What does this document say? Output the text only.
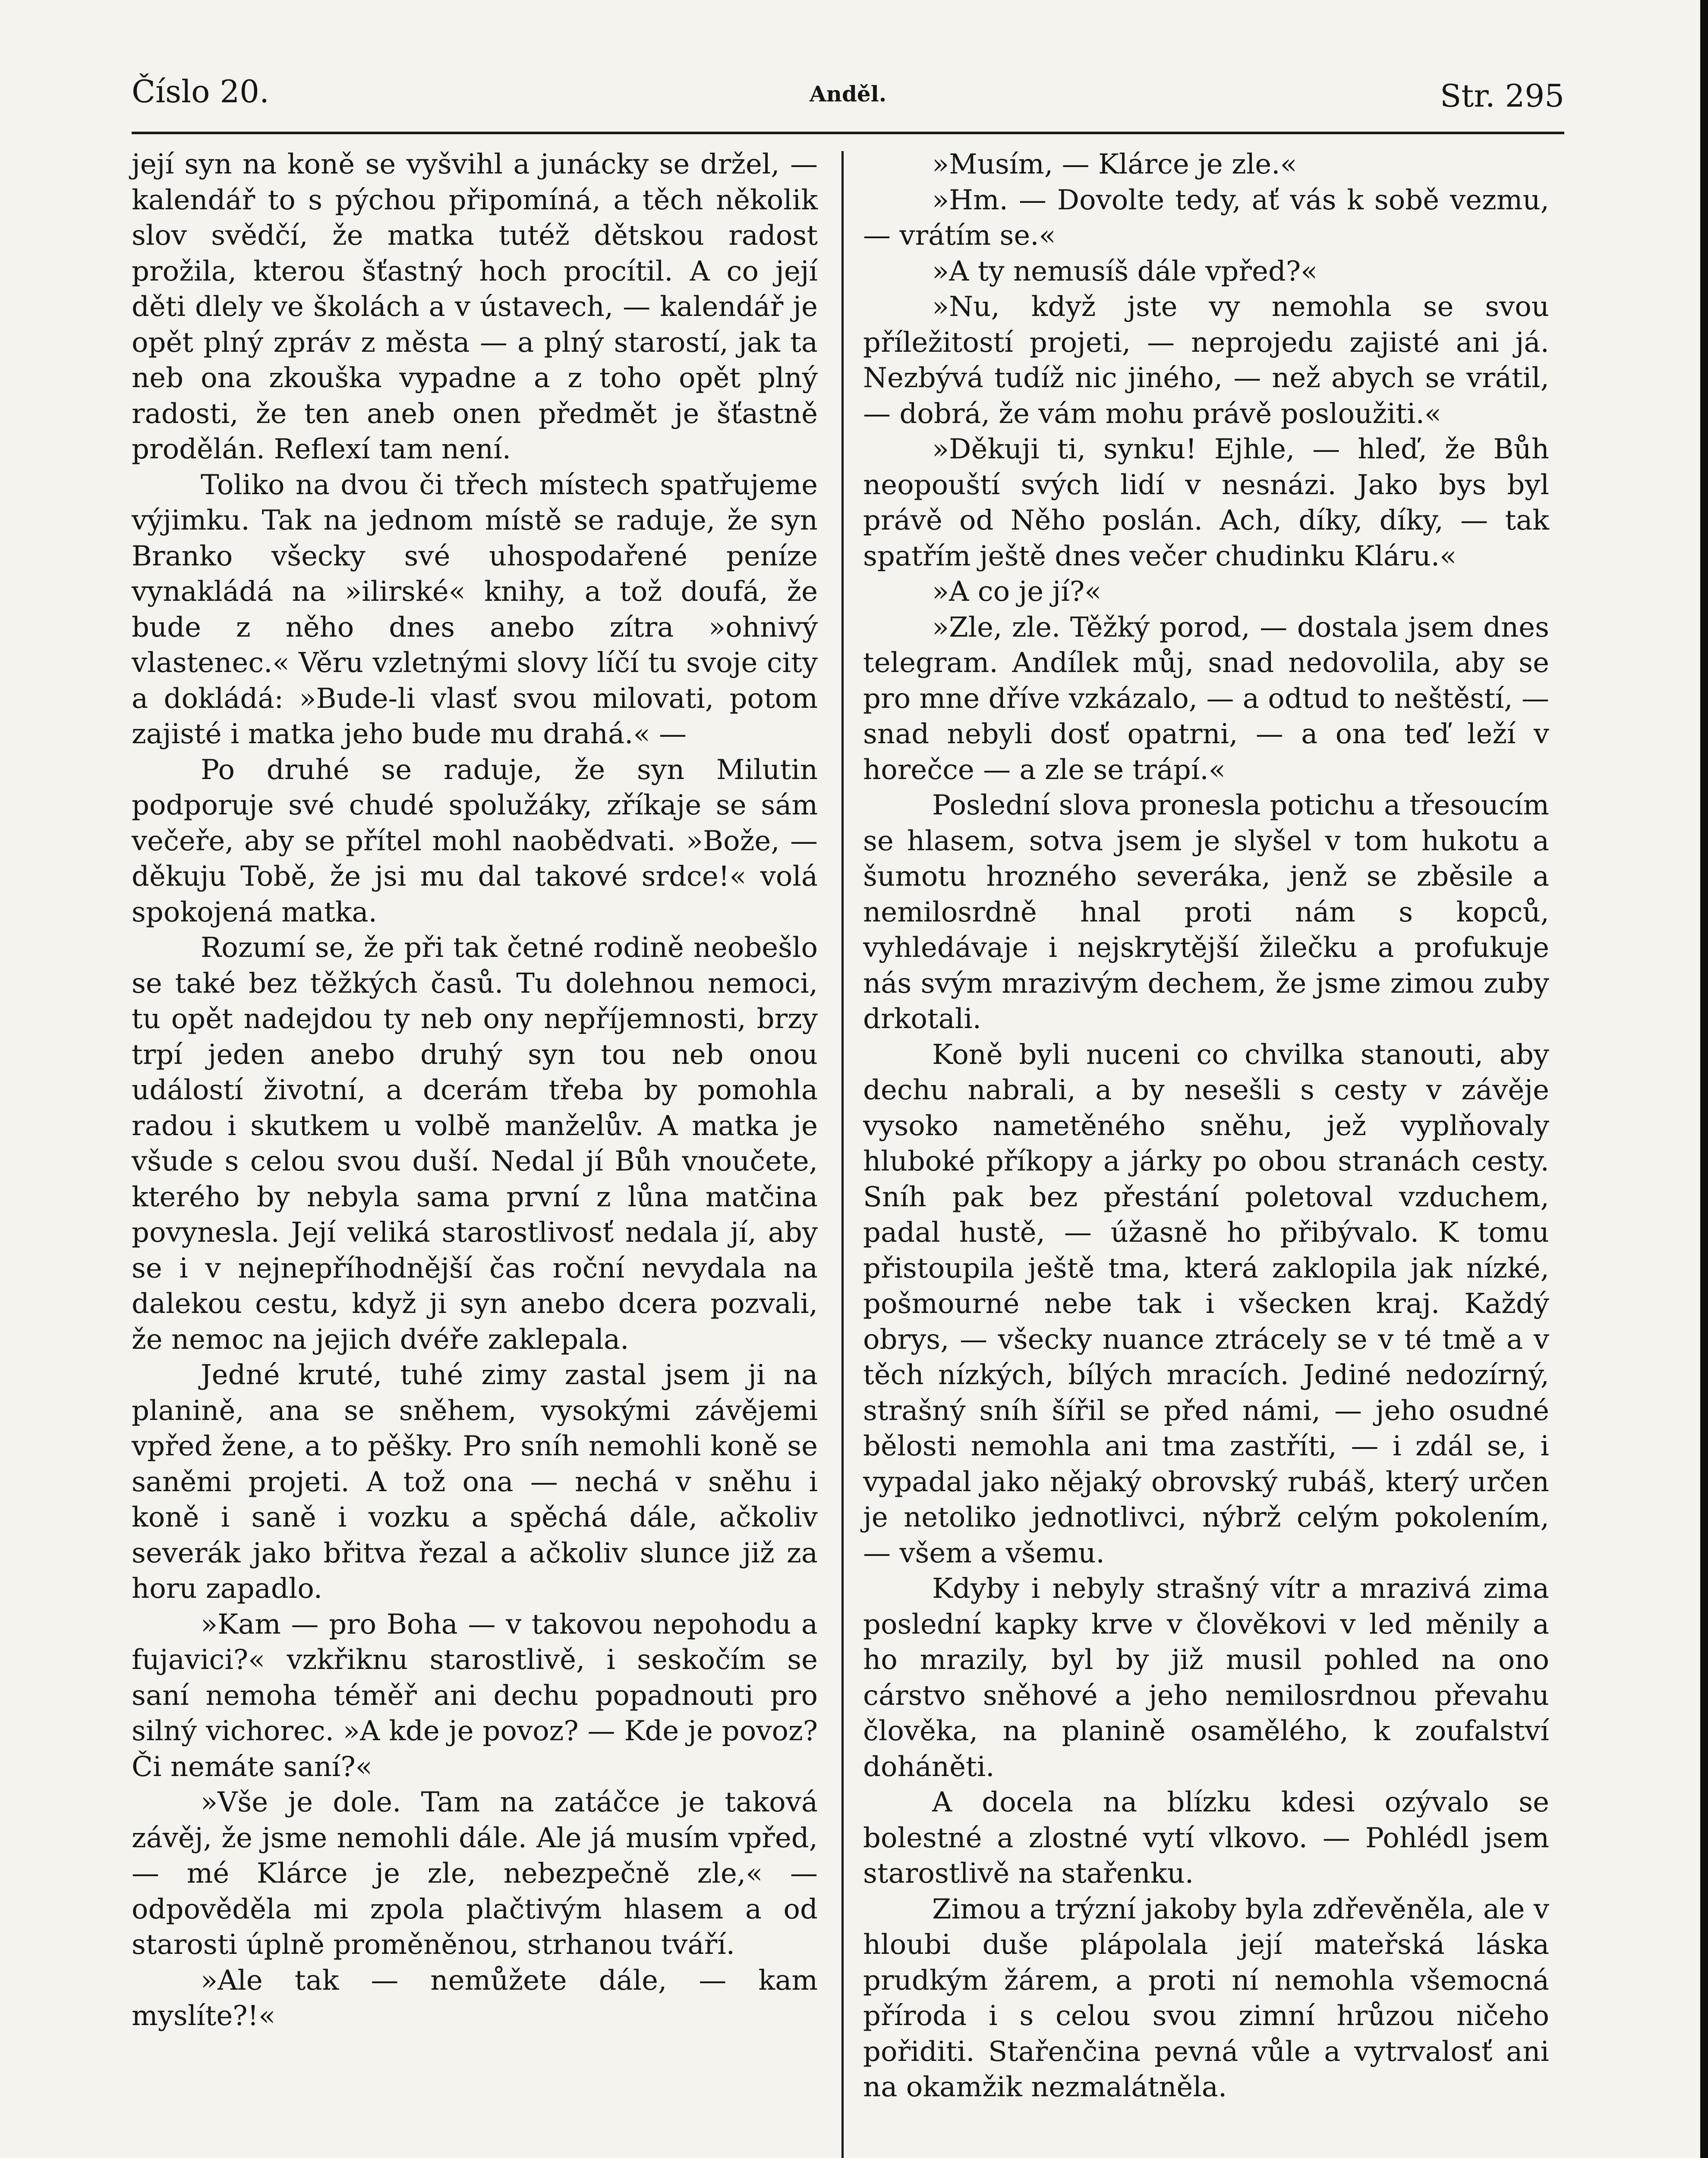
Číslo 20.	Anděl.	Str. 295

její syn na koně se vyšvihl a junácky se držel, — kalendář to s pýchou připomíná, a těch několik slov svědčí, že matka tutéž dětskou radost prožila, kterou šťastný hoch procítil. A co její děti dlely ve školách a v ústavech, — kalendář je opět plný zpráv z města — a plný starostí, jak ta neb ona zkouška vypadne a z toho opět plný radosti, že ten aneb onen předmět je šťastně prodělán. Reflexí tam není.

Toliko na dvou či třech místech spatřujeme výjimku. Tak na jednom místě se raduje, že syn Branko všecky své uhospodařené peníze vynakládá na »ilirské« knihy, a tož doufá, že bude z něho dnes anebo zítra »ohnivý vlastenec.« Věru vzletnými slovy líčí tu svoje city a dokládá: »Bude-li vlasť svou milovati, potom zajisté i matka jeho bude mu drahá.« —

Po druhé se raduje, že syn Milutin podporuje své chudé spolužáky, zříkaje se sám večeře, aby se přítel mohl naobědvati. »Bože, — děkuju Tobě, že jsi mu dal takové srdce!« volá spokojená matka.

Rozumí se, že při tak četné rodině neobešlo se také bez těžkých časů. Tu dolehnou nemoci, tu opět nadejdou ty neb ony nepříjemnosti, brzy trpí jeden anebo druhý syn tou neb onou událostí životní, a dcerám třeba by pomohla radou i skutkem u volbě manželův. A matka je všude s celou svou duší. Nedal jí Bůh vnoučete, kterého by nebyla sama první z lůna matčina povynesla. Její veliká starostlivosť nedala jí, aby se i v nejnepříhodnější čas roční nevydala na dalekou cestu, když ji syn anebo dcera pozvali, že nemoc na jejich dvéře zaklepala.

Jedné kruté, tuhé zimy zastal jsem ji na planině, ana se sněhem, vysokými závějemi vpřed žene, a to pěšky. Pro sníh nemohli koně se saněmi projeti. A tož ona — nechá v sněhu i koně i saně i vozku a spěchá dále, ačkoliv severák jako břitva řezal a ačkoliv slunce již za horu zapadlo.

»Kam — pro Boha — v takovou nepohodu a fujavici?« vzkřiknu starostlivě, i seskočím se saní nemoha téměř ani dechu popadnouti pro silný vichorec. »A kde je povoz? — Kde je povoz? Či nemáte saní?«

»Vše je dole. Tam na zatáčce je taková závěj, že jsme nemohli dále. Ale já musím vpřed, — mé Klárce je zle, nebezpečně zle,« — odpověděla mi zpola plačtivým hlasem a od starosti úplně proměněnou, strhanou tváří.

»Ale tak — nemůžete dále, — kam myslíte?!«

»Musím, — Klárce je zle.«

»Hm. — Dovolte tedy, ať vás k sobě vezmu, — vrátím se.«

»A ty nemusíš dále vpřed?«

»Nu, když jste vy nemohla se svou příležitostí projeti, — neprojedu zajisté ani já. Nezbývá tudíž nic jiného, — než abych se vrátil, — dobrá, že vám mohu právě posloužiti.«

»Děkuji ti, synku! Ejhle, — hleď, že Bůh neopouští svých lidí v nesnázi. Jako bys byl právě od Něho poslán. Ach, díky, díky, — tak spatřím ještě dnes večer chudinku Kláru.«

»A co je jí?«

»Zle, zle. Těžký porod, — dostala jsem dnes telegram. Andílek můj, snad nedovolila, aby se pro mne dříve vzkázalo, — a odtud to neštěstí, — snad nebyli dosť opatrni, — a ona teď leží v horečce — a zle se trápí.«

Poslední slova pronesla potichu a třesoucím se hlasem, sotva jsem je slyšel v tom hukotu a šumotu hrozného severáka, jenž se zběsile a nemilosrdně hnal proti nám s kopců, vyhledávaje i nejskrytější žilečku a profukuje nás svým mrazivým dechem, že jsme zimou zuby drkotali.

Koně byli nuceni co chvilka stanouti, aby dechu nabrali, a by nesešli s cesty v závěje vysoko nametěného sněhu, jež vyplňovaly hluboké příkopy a járky po obou stranách cesty. Sníh pak bez přestání poletoval vzduchem, padal hustě, — úžasně ho přibývalo. K tomu přistoupila ještě tma, která zaklopila jak nízké, pošmourné nebe tak i všecken kraj. Každý obrys, — všecky nuance ztrácely se v té tmě a v těch nízkých, bílých mracích. Jediné nedozírný, strašný sníh šířil se před námi, — jeho osudné bělosti nemohla ani tma zastříti, — i zdál se, i vypadal jako nějaký obrovský rubáš, který určen je netoliko jednotlivci, nýbrž celým pokolením, — všem a všemu.

Kdyby i nebyly strašný vítr a mrazivá zima poslední kapky krve v člověkovi v led měnily a ho mrazily, byl by již musil pohled na ono cárstvo sněhové a jeho nemilosrdnou převahu člověka, na planině osamělého, k zoufalství doháněti.

A docela na blízku kdesi ozývalo se bolestné a zlostné vytí vlkovo. — Pohlédl jsem starostlivě na stařenku.

Zimou a trýzní jakoby byla zdřevěněla, ale v hloubi duše plápolala její mateřská láska prudkým žárem, a proti ní nemohla všemocná příroda i s celou svou zimní hrůzou ničeho pořiditi. Stařenčina pevná vůle a vytrvalosť ani na okamžik nezmalátněla.
